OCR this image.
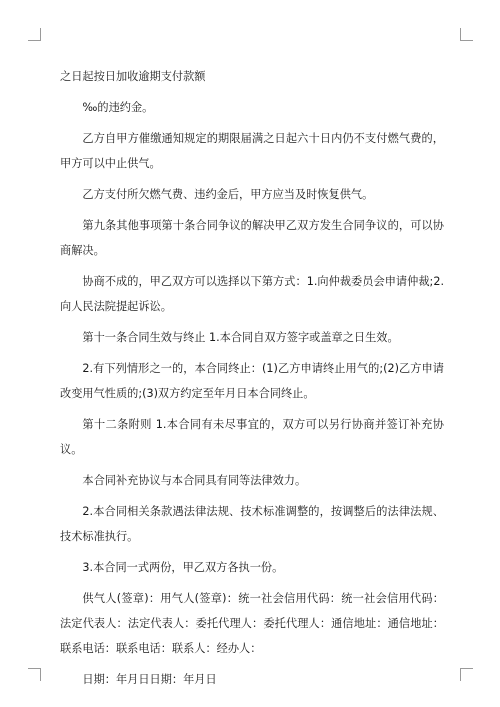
之日起按日加收逾期支付款额

‰的违约金。

乙方自甲方催缴通知规定的期限届满之日起六十日内仍不支付燃气费的，甲方可以中止供气。

乙方支付所欠燃气费、违约金后，甲方应当及时恢复供气。

第九条其他事项第十条合同争议的解决甲乙双方发生合同争议的，可以协商解决。

协商不成的，甲乙双方可以选择以下第方式：1.向仲裁委员会申请仲裁;2.向人民法院提起诉讼。

第十一条合同生效与终止 1.本合同自双方签字或盖章之日生效。

2.有下列情形之一的，本合同终止：(1)乙方申请终止用气的;(2)乙方申请改变用气性质的;(3)双方约定至年月日本合同终止。

第十二条附则 1.本合同有未尽事宜的，双方可以另行协商并签订补充协议。

本合同补充协议与本合同具有同等法律效力。

2.本合同相关条款遇法律法规、技术标准调整的，按调整后的法律法规、技术标准执行。

3.本合同一式两份，甲乙双方各执一份。

供气人(签章)：用气人(签章)：统一社会信用代码：统一社会信用代码：法定代表人：法定代表人：委托代理人：委托代理人：通信地址：通信地址：联系电话：联系电话：联系人：经办人：

日期：年月日日期：年月日
